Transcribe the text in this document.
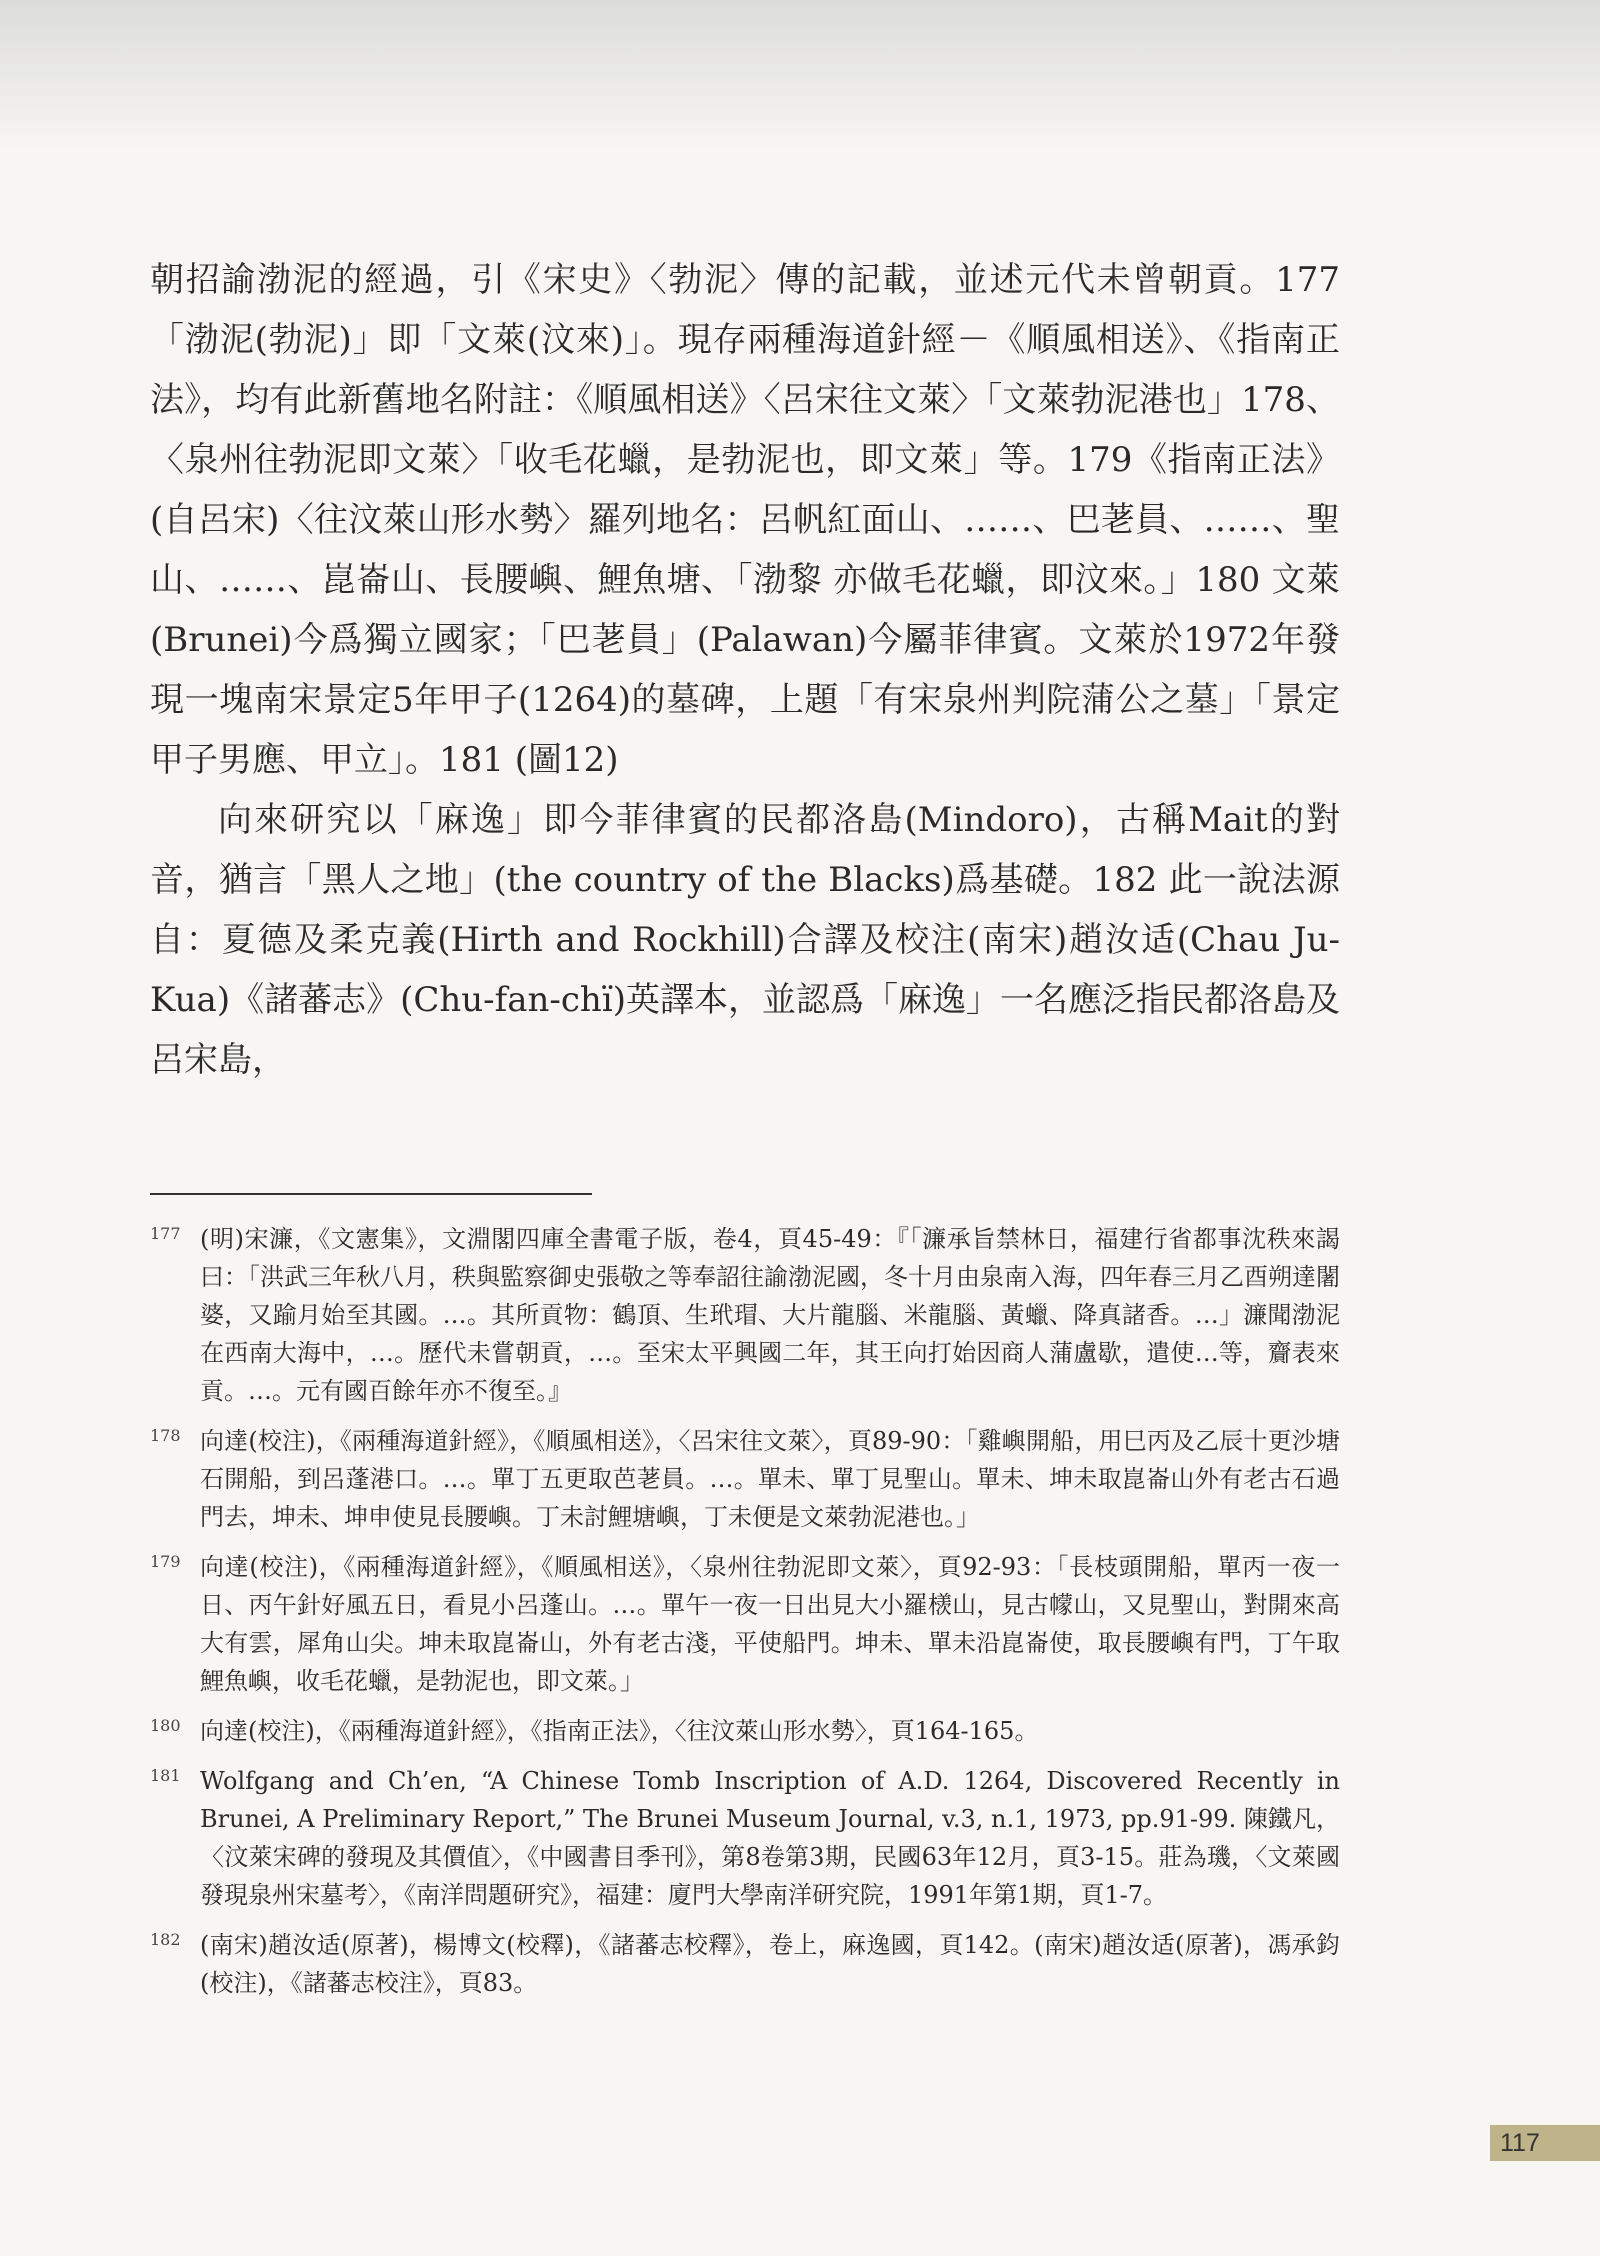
朝招諭渤泥的經過，引《宋史》〈勃泥〉傳的記載，並述元代未曾朝貢。177「渤泥(勃泥)」即「文萊(汶來)」。現存兩種海道針經－《順風相送》、《指南正法》，均有此新舊地名附註：《順風相送》〈呂宋往文萊〉「文萊勃泥港也」178、〈泉州往勃泥即文萊〉「收毛花蠟，是勃泥也，即文萊」等。179《指南正法》(自呂宋)〈往汶萊山形水勢〉羅列地名：呂帆紅面山、……、巴荖員、……、聖山、……、崑崙山、長腰嶼、鯉魚塘、「渤黎 亦做毛花蠟，即汶來。」180 文萊(Brunei)今爲獨立國家；「巴荖員」(Palawan)今屬菲律賓。文萊於1972年發現一塊南宋景定5年甲子(1264)的墓碑，上題「有宋泉州判院蒲公之墓」「景定甲子男應、甲立」。181 (圖12)

向來研究以「麻逸」即今菲律賓的民都洛島(Mindoro)，古稱Mait的對音，猶言「黑人之地」(the country of the Blacks)爲基礎。182 此一說法源自：夏德及柔克義(Hirth and Rockhill)合譯及校注(南宋)趙汝适(Chau Ju-Kua)《諸蕃志》(Chu-fan-chï)英譯本，並認爲「麻逸」一名應泛指民都洛島及呂宋島，

177 (明)宋濂，《文憲集》，文淵閣四庫全書電子版，卷4，頁45-49：『「濂承旨禁林日，福建行省都事沈秩來謁曰：「洪武三年秋八月，秩與監察御史張敬之等奉詔往諭渤泥國，冬十月由泉南入海，四年春三月乙酉朔達闍婆，又踰月始至其國。…。其所貢物：鶴頂、生玳瑁、大片龍腦、米龍腦、黃蠟、降真諸香。…」濂聞渤泥在西南大海中，…。歷代未嘗朝貢，…。至宋太平興國二年，其王向打始因商人蒲盧歇，遣使…等，齎表來貢。…。元有國百餘年亦不復至。』

178 向達(校注)，《兩種海道針經》，《順風相送》，〈呂宋往文萊〉，頁89-90：「雞嶼開船，用巳丙及乙辰十更沙塘石開船，到呂蓬港口。…。單丁五更取芭荖員。…。單未、單丁見聖山。單未、坤未取崑崙山外有老古石過門去，坤未、坤申使見長腰嶼。丁未討鯉塘嶼，丁未便是文萊勃泥港也。」

179 向達(校注)，《兩種海道針經》，《順風相送》，〈泉州往勃泥即文萊〉，頁92-93：「長枝頭開船，單丙一夜一日、丙午針好風五日，看見小呂蓬山。…。單午一夜一日出見大小羅檨山，見古幪山，又見聖山，對開來高大有雲，犀角山尖。坤未取崑崙山，外有老古淺，平使船門。坤未、單未沿崑崙使，取長腰嶼有門，丁午取鯉魚嶼，收毛花蠟，是勃泥也，即文萊。」

180 向達(校注)，《兩種海道針經》，《指南正法》，〈往汶萊山形水勢〉，頁164-165。

181 Wolfgang and Ch’en, “A Chinese Tomb Inscription of A.D. 1264, Discovered Recently in Brunei, A Preliminary Report,” The Brunei Museum Journal, v.3, n.1, 1973, pp.91-99. 陳鐵凡，〈汶萊宋碑的發現及其價值〉，《中國書目季刊》，第8卷第3期，民國63年12月，頁3-15。莊為璣，〈文萊國發現泉州宋墓考〉，《南洋問題研究》，福建：廈門大學南洋研究院，1991年第1期，頁1-7。

182 (南宋)趙汝适(原著)，楊博文(校釋)，《諸蕃志校釋》，卷上，麻逸國，頁142。(南宋)趙汝适(原著)，馮承鈞(校注)，《諸蕃志校注》，頁83。

117
